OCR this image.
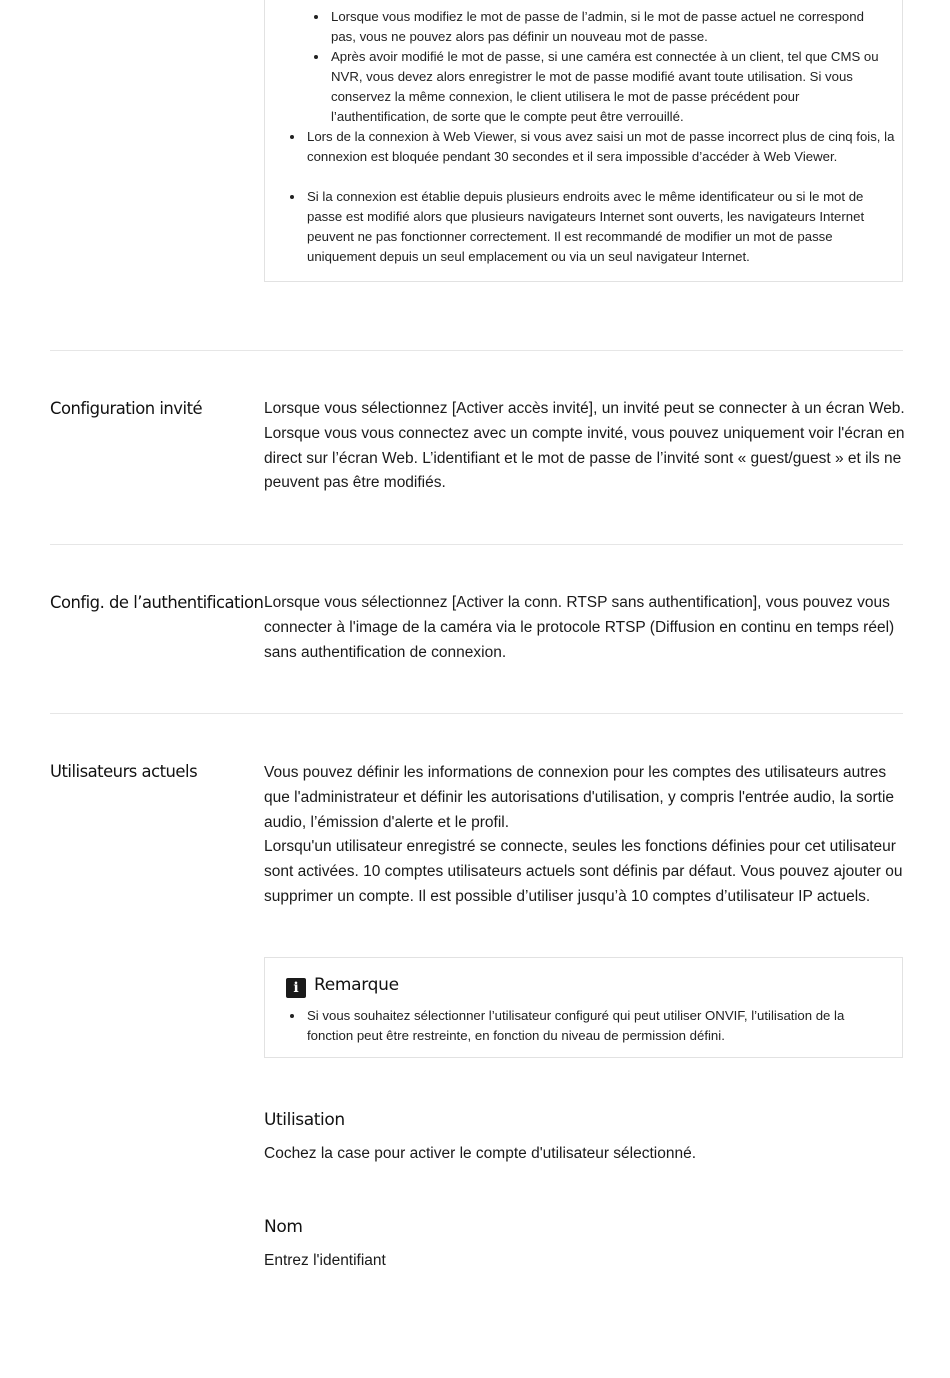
Lorsque vous modifiez le mot de passe de l’admin, si le mot de passe actuel ne correspond pas, vous ne pouvez alors pas définir un nouveau mot de passe.
Après avoir modifié le mot de passe, si une caméra est connectée à un client, tel que CMS ou NVR, vous devez alors enregistrer le mot de passe modifié avant toute utilisation. Si vous conservez la même connexion, le client utilisera le mot de passe précédent pour l’authentification, de sorte que le compte peut être verrouillé.
Lors de la connexion à Web Viewer, si vous avez saisi un mot de passe incorrect plus de cinq fois, la connexion est bloquée pendant 30 secondes et il sera impossible d’accéder à Web Viewer.
Si la connexion est établie depuis plusieurs endroits avec le même identificateur ou si le mot de passe est modifié alors que plusieurs navigateurs Internet sont ouverts, les navigateurs Internet peuvent ne pas fonctionner correctement. Il est recommandé de modifier un mot de passe uniquement depuis un seul emplacement ou via un seul navigateur Internet.
Configuration invité	Lorsque vous sélectionnez [Activer accès invité], un invité peut se connecter à un écran Web. Lorsque vous vous connectez avec un compte invité, vous pouvez uniquement voir l'écran en direct sur l’écran Web. L’identifiant et le mot de passe de l’invité sont « guest/guest » et ils ne peuvent pas être modifiés.

Config. de l’authentification Lorsque vous sélectionnez [Activer la conn. RTSP sans authentification], vous pouvez vous connecter à l'image de la caméra via le protocole RTSP (Diffusion en continu en temps réel) sans authentification de connexion.

Utilisateurs actuels	Vous pouvez définir les informations de connexion pour les comptes des utilisateurs autres que l'administrateur et définir les autorisations d'utilisation, y compris l'entrée audio, la sortie audio, l’émission d'alerte et le profil.

Lorsqu'un utilisateur enregistré se connecte, seules les fonctions définies pour cet utilisateur sont activées. 10 comptes utilisateurs actuels sont définis par défaut. Vous pouvez ajouter ou supprimer un compte. Il est possible d’utiliser jusqu’à 10 comptes d’utilisateur IP actuels.

i Remarque
Si vous souhaitez sélectionner l’utilisateur configuré qui peut utiliser ONVIF, l’utilisation de la fonction peut être restreinte, en fonction du niveau de permission défini.
Utilisation
Cochez la case pour activer le compte d'utilisateur sélectionné.
Nom
Entrez l'identifiant
